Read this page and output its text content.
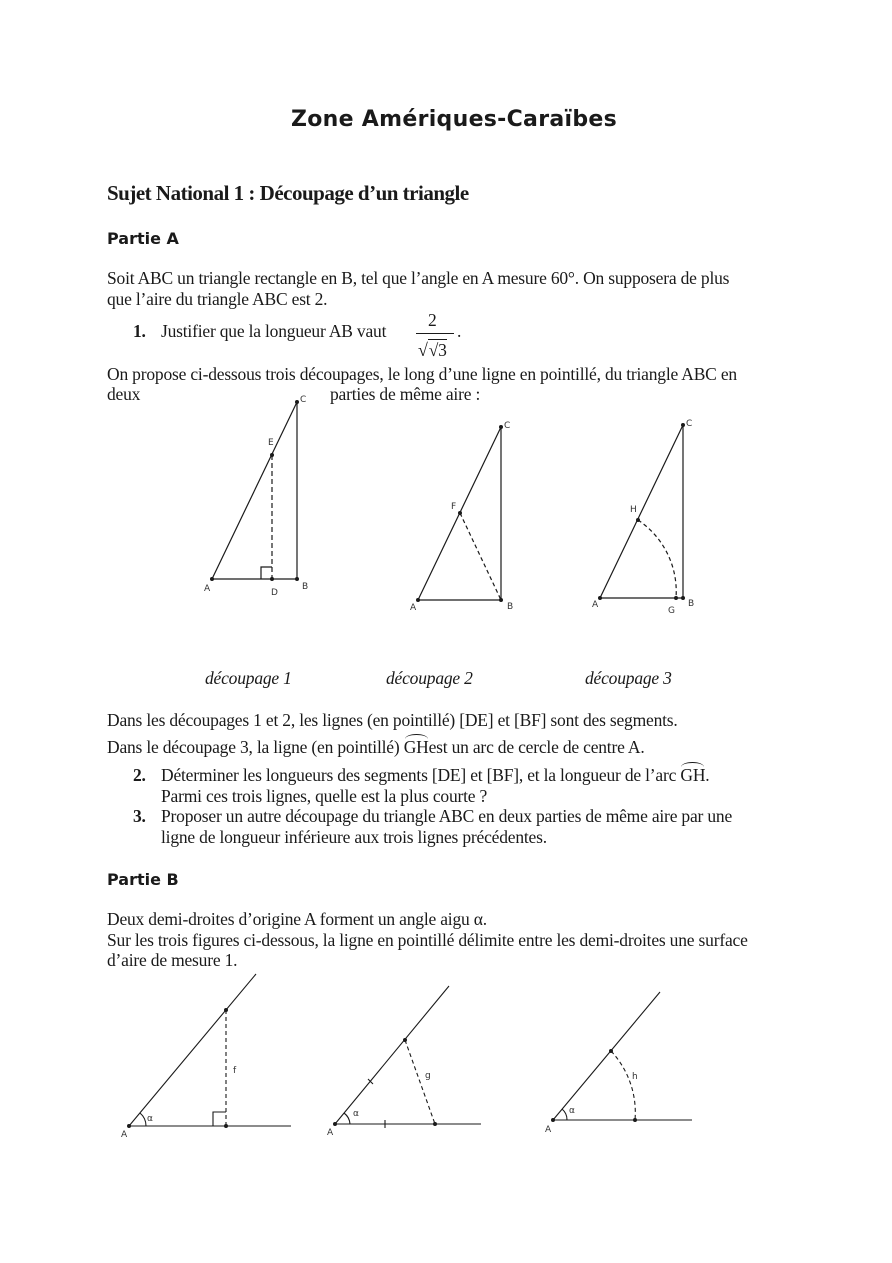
Zone Amériques-Caraïbes
Sujet National 1 : Découpage d’un triangle
Partie A
Soit ABC un triangle rectangle en B, tel que l’angle en A mesure 60°. On supposera de plus
que l’aire du triangle ABC est 2.
1. Justifier que la longueur AB vaut
2
√√3
.
On propose ci-dessous trois découpages, le long d’une ligne en pointillé, du triangle ABC en
deux	parties de même aire :
A	B
C
E
D
A	B
C
F
A	B
C
H
G
découpage 1	découpage 2	découpage 3
Dans les découpages 1 et 2, les lignes (en pointillé) [DE] et [BF] sont des segments.
Dans le découpage 3, la ligne (en pointillé) GHest un arc de cercle de centre A.
2. Déterminer les longueurs des segments [DE] et [BF], et la longueur de l’arc GH.
Parmi ces trois lignes, quelle est la plus courte ?
3. Proposer un autre découpage du triangle ABC en deux parties de même aire par une
ligne de longueur inférieure aux trois lignes précédentes.
Partie B
Deux demi-droites d’origine A forment un angle aigu α.
Sur les trois figures ci-dessous, la ligne en pointillé délimite entre les demi-droites une surface
d’aire de mesure 1.
A
α
f
A
α
g
A
α
h
